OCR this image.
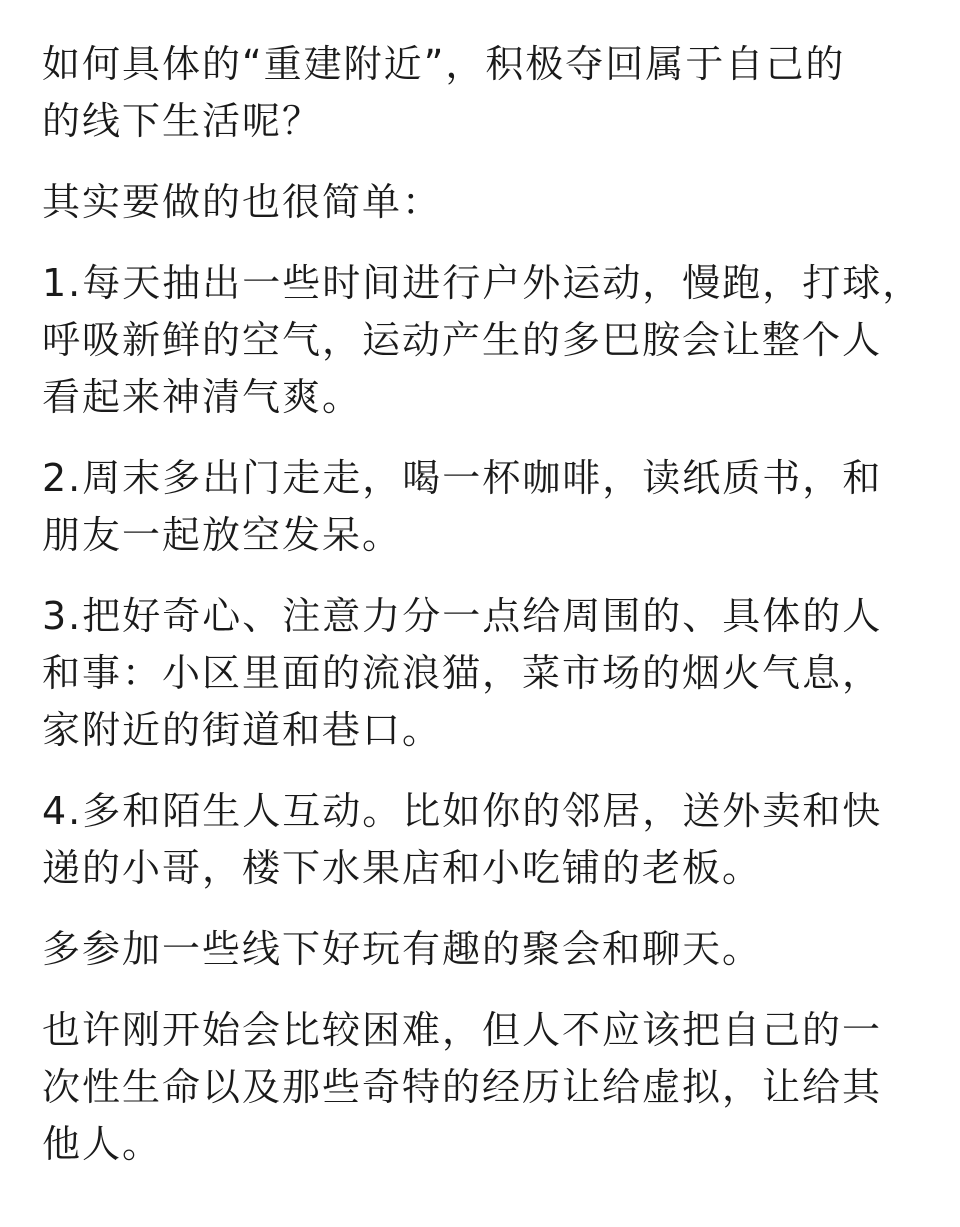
如何具体的“重建附近”，积极夺回属于自己的
的线下生活呢？
其实要做的也很简单：
1.每天抽出一些时间进行户外运动，慢跑，打球，
呼吸新鲜的空气，运动产生的多巴胺会让整个人
看起来神清气爽。
2.周末多出门走走，喝一杯咖啡，读纸质书，和
朋友一起放空发呆。
3.把好奇心、注意力分一点给周围的、具体的人
和事：小区里面的流浪猫，菜市场的烟火气息，
家附近的街道和巷口。
4.多和陌生人互动。比如你的邻居，送外卖和快
递的小哥，楼下水果店和小吃铺的老板。
多参加一些线下好玩有趣的聚会和聊天。
也许刚开始会比较困难，但人不应该把自己的一
次性生命以及那些奇特的经历让给虚拟，让给其
他人。
